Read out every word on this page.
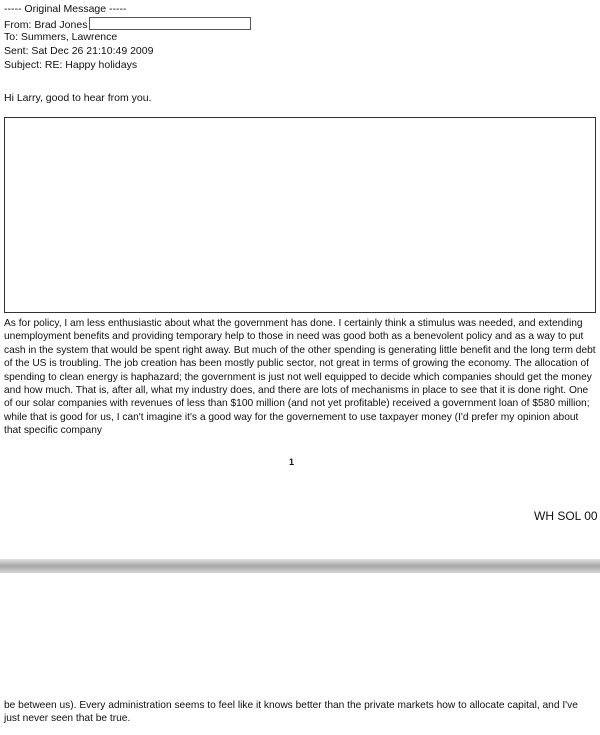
----- Original Message -----
From: Brad Jones
To: Summers, Lawrence
Sent: Sat Dec 26 21:10:49 2009
Subject: RE: Happy holidays
Hi Larry, good to hear from you.
As for policy, I am less enthusiastic about what the government has done. I certainly think a stimulus was needed, and extending unemployment benefits and providing temporary help to those in need was good both as a benevolent policy and as a way to put cash in the system that would be spent right away. But much of the other spending is generating little benefit and the long term debt of the US is troubling. The job creation has been mostly public sector, not great in terms of growing the economy. The allocation of spending to clean energy is haphazard; the government is just not well equipped to decide which companies should get the money and how much. That is, after all, what my industry does, and there are lots of mechanisms in place to see that it is done right. One of our solar companies with revenues of less than $100 million (and not yet profitable) received a government loan of $580 million; while that is good for us, I can't imagine it's a good way for the governement to use taxpayer money (I'd prefer my opinion about that specific company
1
WH SOL 00
be between us). Every administration seems to feel like it knows better than the private markets how to allocate capital, and I've just never seen that be true.
